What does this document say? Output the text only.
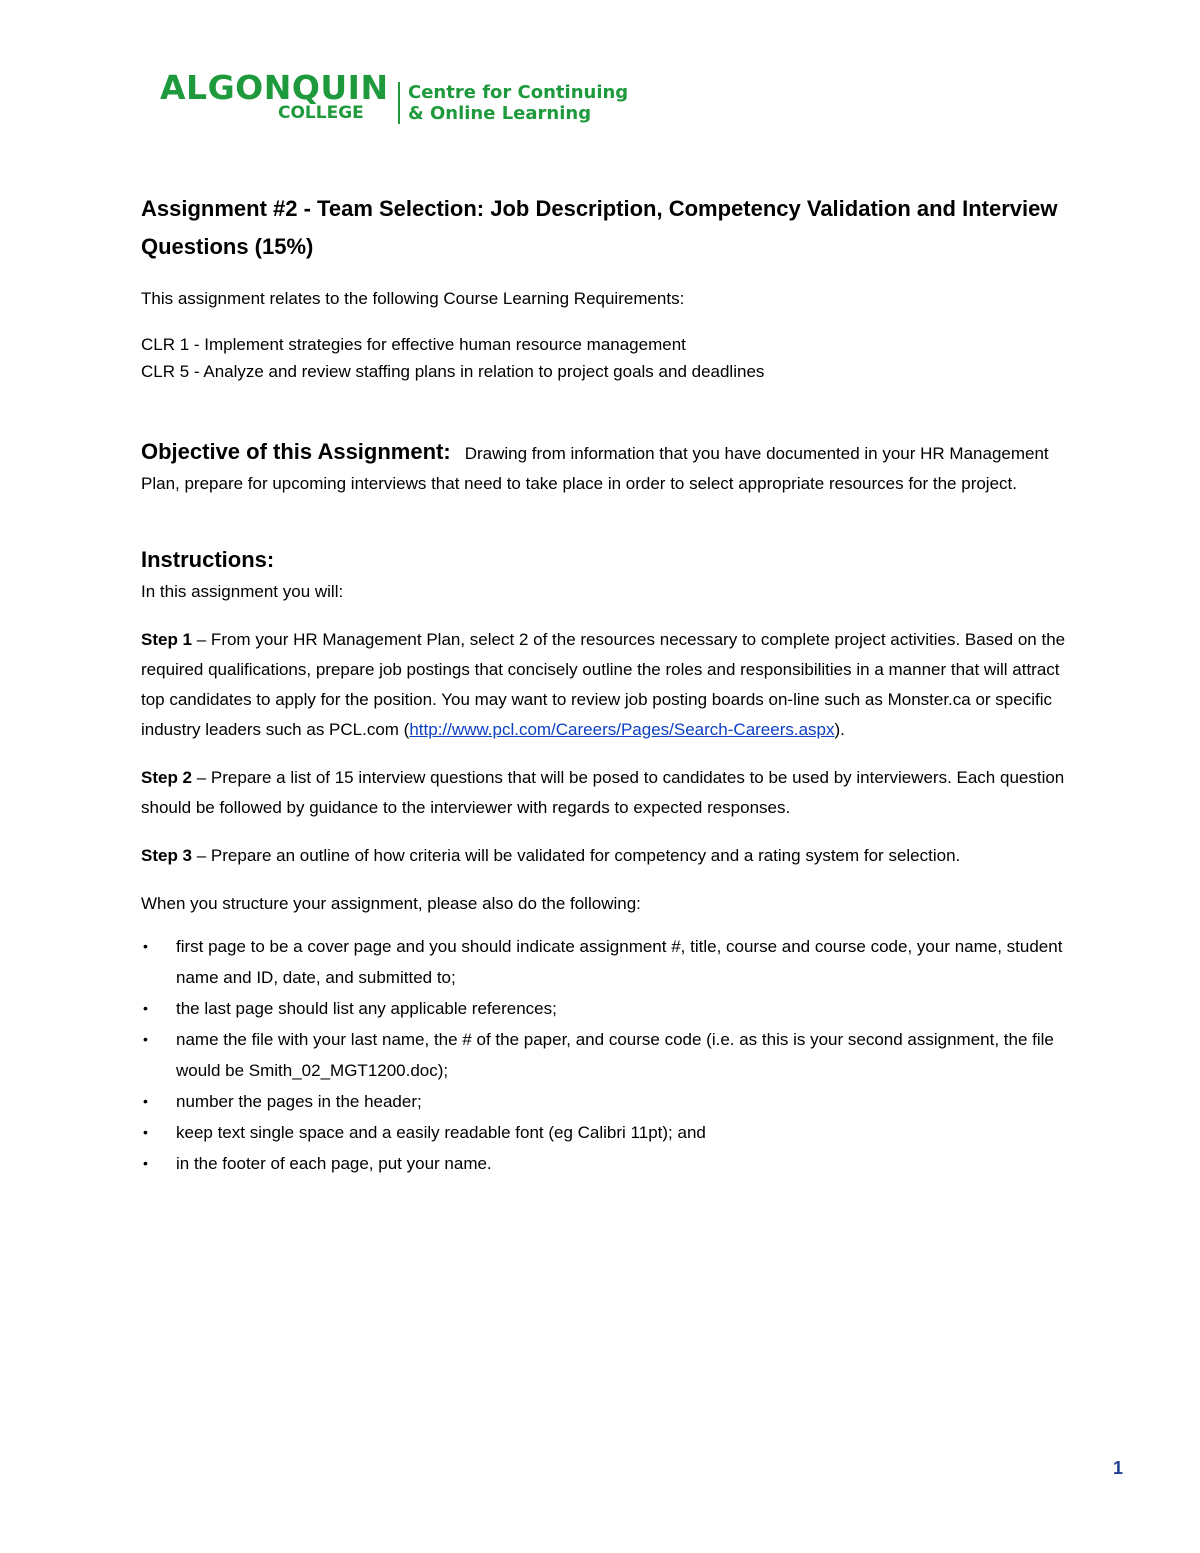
ALGONQUIN
COLLEGE
Centre for Continuing
& Online Learning
Assignment #2 - Team Selection: Job Description, Competency Validation and Interview Questions (15%)

This assignment relates to the following Course Learning Requirements:

CLR 1 - Implement strategies for effective human resource management

CLR 5 - Analyze and review staffing plans in relation to project goals and deadlines

Objective of this Assignment: Drawing from information that you have documented in your HR Management Plan, prepare for upcoming interviews that need to take place in order to select appropriate resources for the project.

Instructions:

In this assignment you will:

Step 1 – From your HR Management Plan, select 2 of the resources necessary to complete project activities. Based on the required qualifications, prepare job postings that concisely outline the roles and responsibilities in a manner that will attract top candidates to apply for the position. You may want to review job posting boards on-line such as Monster.ca or specific industry leaders such as PCL.com (http://www.pcl.com/Careers/Pages/Search-Careers.aspx).

Step 2 – Prepare a list of 15 interview questions that will be posed to candidates to be used by interviewers. Each question should be followed by guidance to the interviewer with regards to expected responses.

Step 3 – Prepare an outline of how criteria will be validated for competency and a rating system for selection.

When you structure your assignment, please also do the following:

• first page to be a cover page and you should indicate assignment #, title, course and course code, your name, student name and ID, date, and submitted to;
• the last page should list any applicable references;
• name the file with your last name, the # of the paper, and course code (i.e. as this is your second assignment, the file would be Smith_02_MGT1200.doc);
• number the pages in the header;
• keep text single space and a easily readable font (eg Calibri 11pt); and
• in the footer of each page, put your name.
1
